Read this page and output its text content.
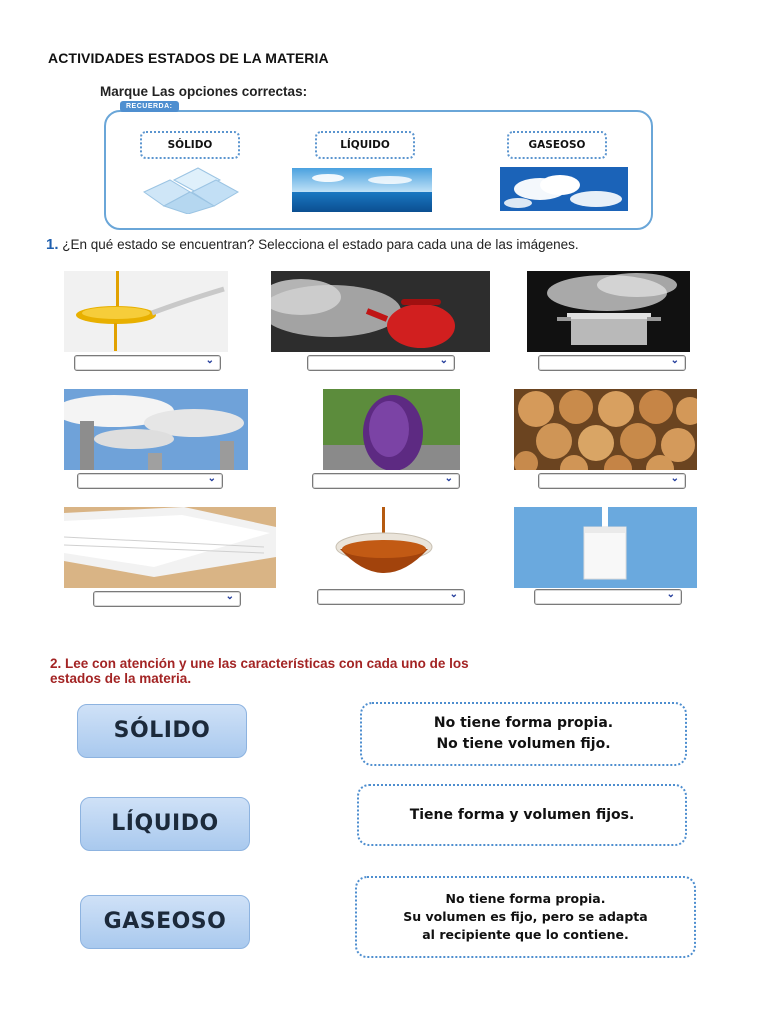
ACTIVIDADES ESTADOS DE LA MATERIA
Marque Las opciones correctas:
RECUERDA:
SÓLIDO	LÍQUIDO	GASEOSO
1. ¿En qué estado se encuentran? Selecciona el estado para cada una de las imágenes.
⌄	⌄	⌄
⌄	⌄	⌄
⌄	⌄	⌄
2. Lee con atención y une las características con cada uno de los
estados de la materia.
SÓLIDO
LÍQUIDO
GASEOSO
No tiene forma propia.
No tiene volumen fijo.
Tiene forma y volumen fijos.
No tiene forma propia.
Su volumen es fijo, pero se adapta
al recipiente que lo contiene.
